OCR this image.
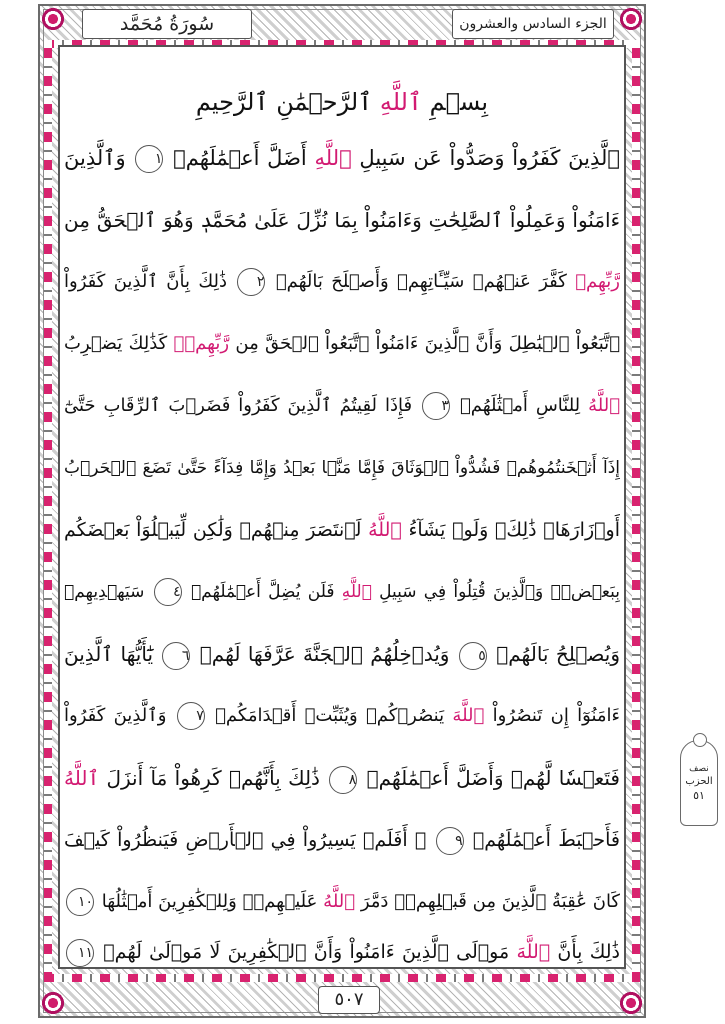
سُورَةُ مُحَمَّد	الجزء السادس والعشرون
بِسۡمِ ٱللَّهِ ٱلرَّحۡمَٰنِ ٱلرَّحِيمِ
ٱلَّذِينَ كَفَرُواْ وَصَدُّواْ عَن سَبِيلِ ٱللَّهِ أَضَلَّ أَعۡمَٰلَهُمۡ ١ وَٱلَّذِينَ
ءَامَنُواْ وَعَمِلُواْ ٱلصَّٰلِحَٰتِ وَءَامَنُواْ بِمَا نُزِّلَ عَلَىٰ مُحَمَّدٖ وَهُوَ ٱلۡحَقُّ مِن
رَّبِّهِمۡ كَفَّرَ عَنۡهُمۡ سَيِّـَٔاتِهِمۡ وَأَصۡلَحَ بَالَهُمۡ ٢ ذَٰلِكَ بِأَنَّ ٱلَّذِينَ كَفَرُواْ
ٱتَّبَعُواْ ٱلۡبَٰطِلَ وَأَنَّ ٱلَّذِينَ ءَامَنُواْ ٱتَّبَعُواْ ٱلۡحَقَّ مِن رَّبِّهِمۡۚ كَذَٰلِكَ يَضۡرِبُ
ٱللَّهُ لِلنَّاسِ أَمۡثَٰلَهُمۡ ٣ فَإِذَا لَقِيتُمُ ٱلَّذِينَ كَفَرُواْ فَضَرۡبَ ٱلرِّقَابِ حَتَّىٰٓ
إِذَآ أَثۡخَنتُمُوهُمۡ فَشُدُّواْ ٱلۡوَثَاقَ فَإِمَّا مَنَّۢا بَعۡدُ وَإِمَّا فِدَآءً حَتَّىٰ تَضَعَ ٱلۡحَرۡبُ
أَوۡزَارَهَاۚ ذَٰلِكَۖ وَلَوۡ يَشَآءُ ٱللَّهُ لَٱنتَصَرَ مِنۡهُمۡ وَلَٰكِن لِّيَبۡلُوَاْ بَعۡضَكُم
بِبَعۡضٖۗ وَٱلَّذِينَ قُتِلُواْ فِي سَبِيلِ ٱللَّهِ فَلَن يُضِلَّ أَعۡمَٰلَهُمۡ ٤ سَيَهۡدِيهِمۡ
وَيُصۡلِحُ بَالَهُمۡ ٥ وَيُدۡخِلُهُمُ ٱلۡجَنَّةَ عَرَّفَهَا لَهُمۡ ٦ يَٰٓأَيُّهَا ٱلَّذِينَ
ءَامَنُوٓاْ إِن تَنصُرُواْ ٱللَّهَ يَنصُرۡكُمۡ وَيُثَبِّتۡ أَقۡدَامَكُمۡ ٧ وَٱلَّذِينَ كَفَرُواْ
فَتَعۡسٗا لَّهُمۡ وَأَضَلَّ أَعۡمَٰلَهُمۡ ٨ ذَٰلِكَ بِأَنَّهُمۡ كَرِهُواْ مَآ أَنزَلَ ٱللَّهُ
فَأَحۡبَطَ أَعۡمَٰلَهُمۡ ٩ ۞ أَفَلَمۡ يَسِيرُواْ فِي ٱلۡأَرۡضِ فَيَنظُرُواْ كَيۡفَ
كَانَ عَٰقِبَةُ ٱلَّذِينَ مِن قَبۡلِهِمۡۖ دَمَّرَ ٱللَّهُ عَلَيۡهِمۡۖ وَلِلۡكَٰفِرِينَ أَمۡثَٰلُهَا ١٠
ذَٰلِكَ بِأَنَّ ٱللَّهَ مَوۡلَى ٱلَّذِينَ ءَامَنُواْ وَأَنَّ ٱلۡكَٰفِرِينَ لَا مَوۡلَىٰ لَهُمۡ ١١
نصف
الحزب
٥١
٥٠٧
